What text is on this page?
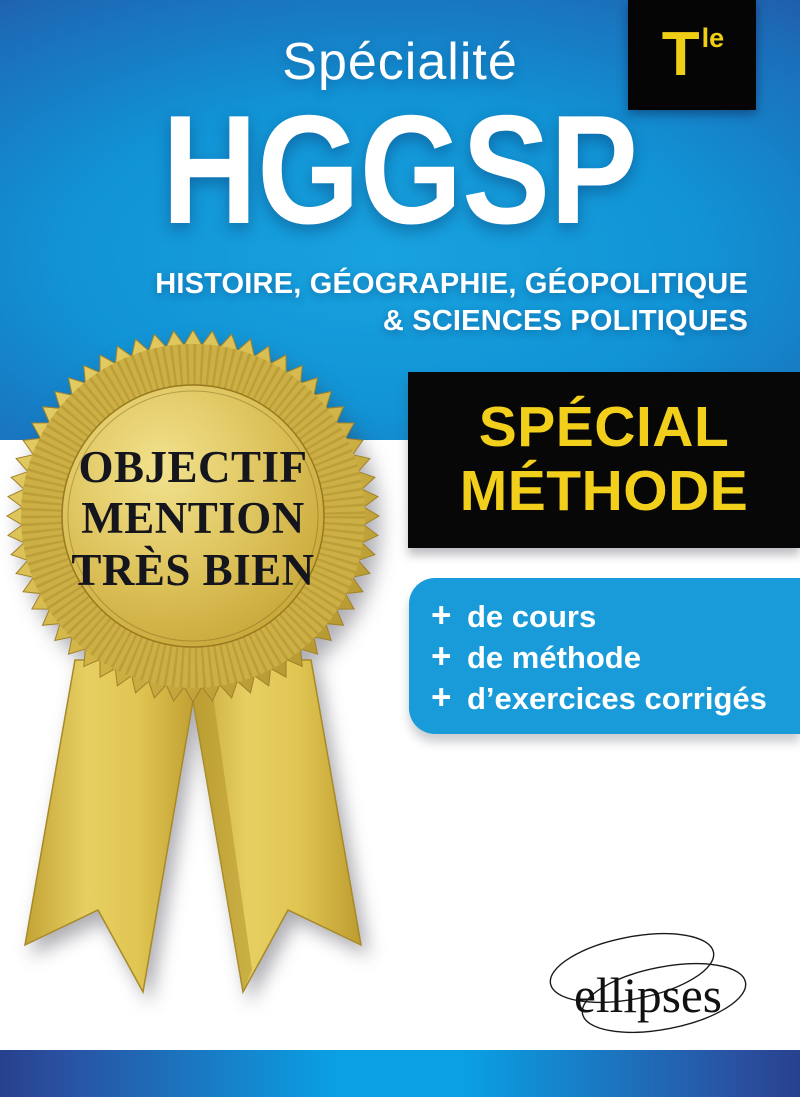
Spécialité	T le
HGGSP
HISTOIRE, GÉOGRAPHIE, GÉOPOLITIQUE
& SCIENCES POLITIQUES
OBJECTIF
MENTION
TRÈS BIEN
SPÉCIAL
MÉTHODE
+ de cours
+ de méthode
+ d’exercices corrigés
ellipses
